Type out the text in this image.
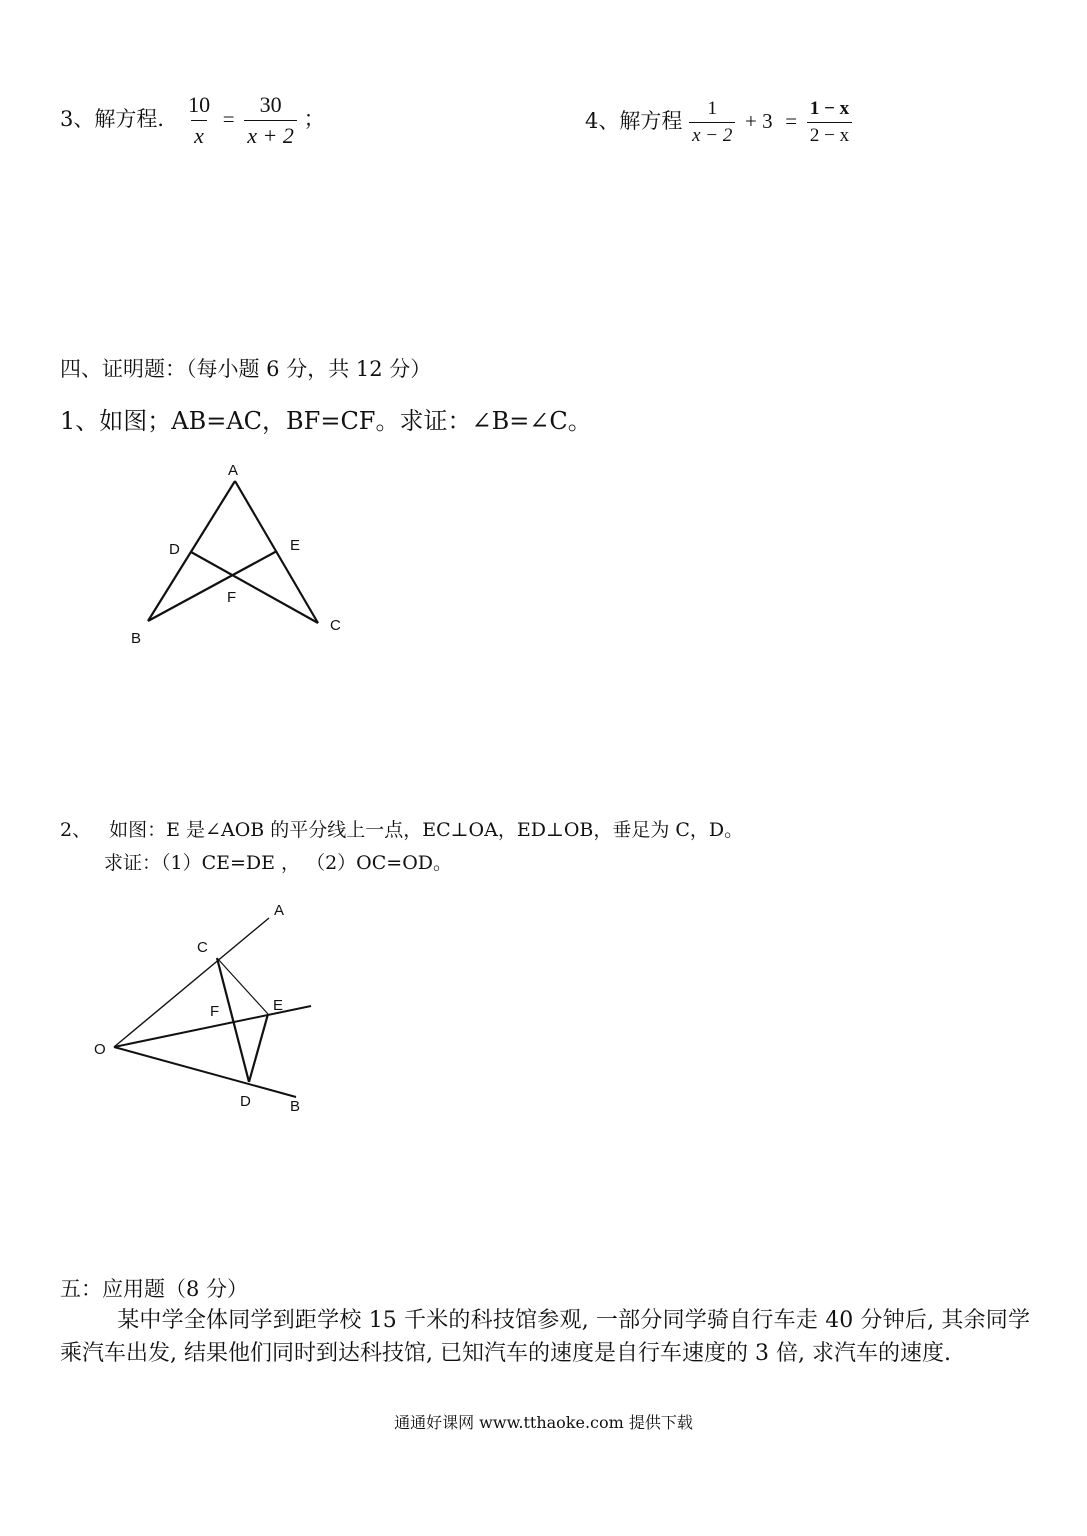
3、解方程． $\frac{10}{x} = \frac{30}{x + 2}$ ；	4、解方程 $\frac{1}{x - 2} + 3 = \frac{1 - x}{2 - x}$
四、证明题：（每小题 6 分，共 12 分）
1、如图；AB=AC，BF=CF。求证：∠B=∠C。
A
D	E
F
B
C
2、 如图：E 是∠AOB 的平分线上一点，EC⊥OA，ED⊥OB，垂足为 C，D。
求证：（1）CE=DE ， （2）OC=OD。
A
C
F	E
O
D	B
五：应用题（8 分）

某中学全体同学到距学校 15 千米的科技馆参观, 一部分同学骑自行车走 40 分钟后, 其余同学乘汽车出发, 结果他们同时到达科技馆, 已知汽车的速度是自行车速度的 3 倍, 求汽车的速度.

通通好课网 www.tthaoke.com 提供下载
